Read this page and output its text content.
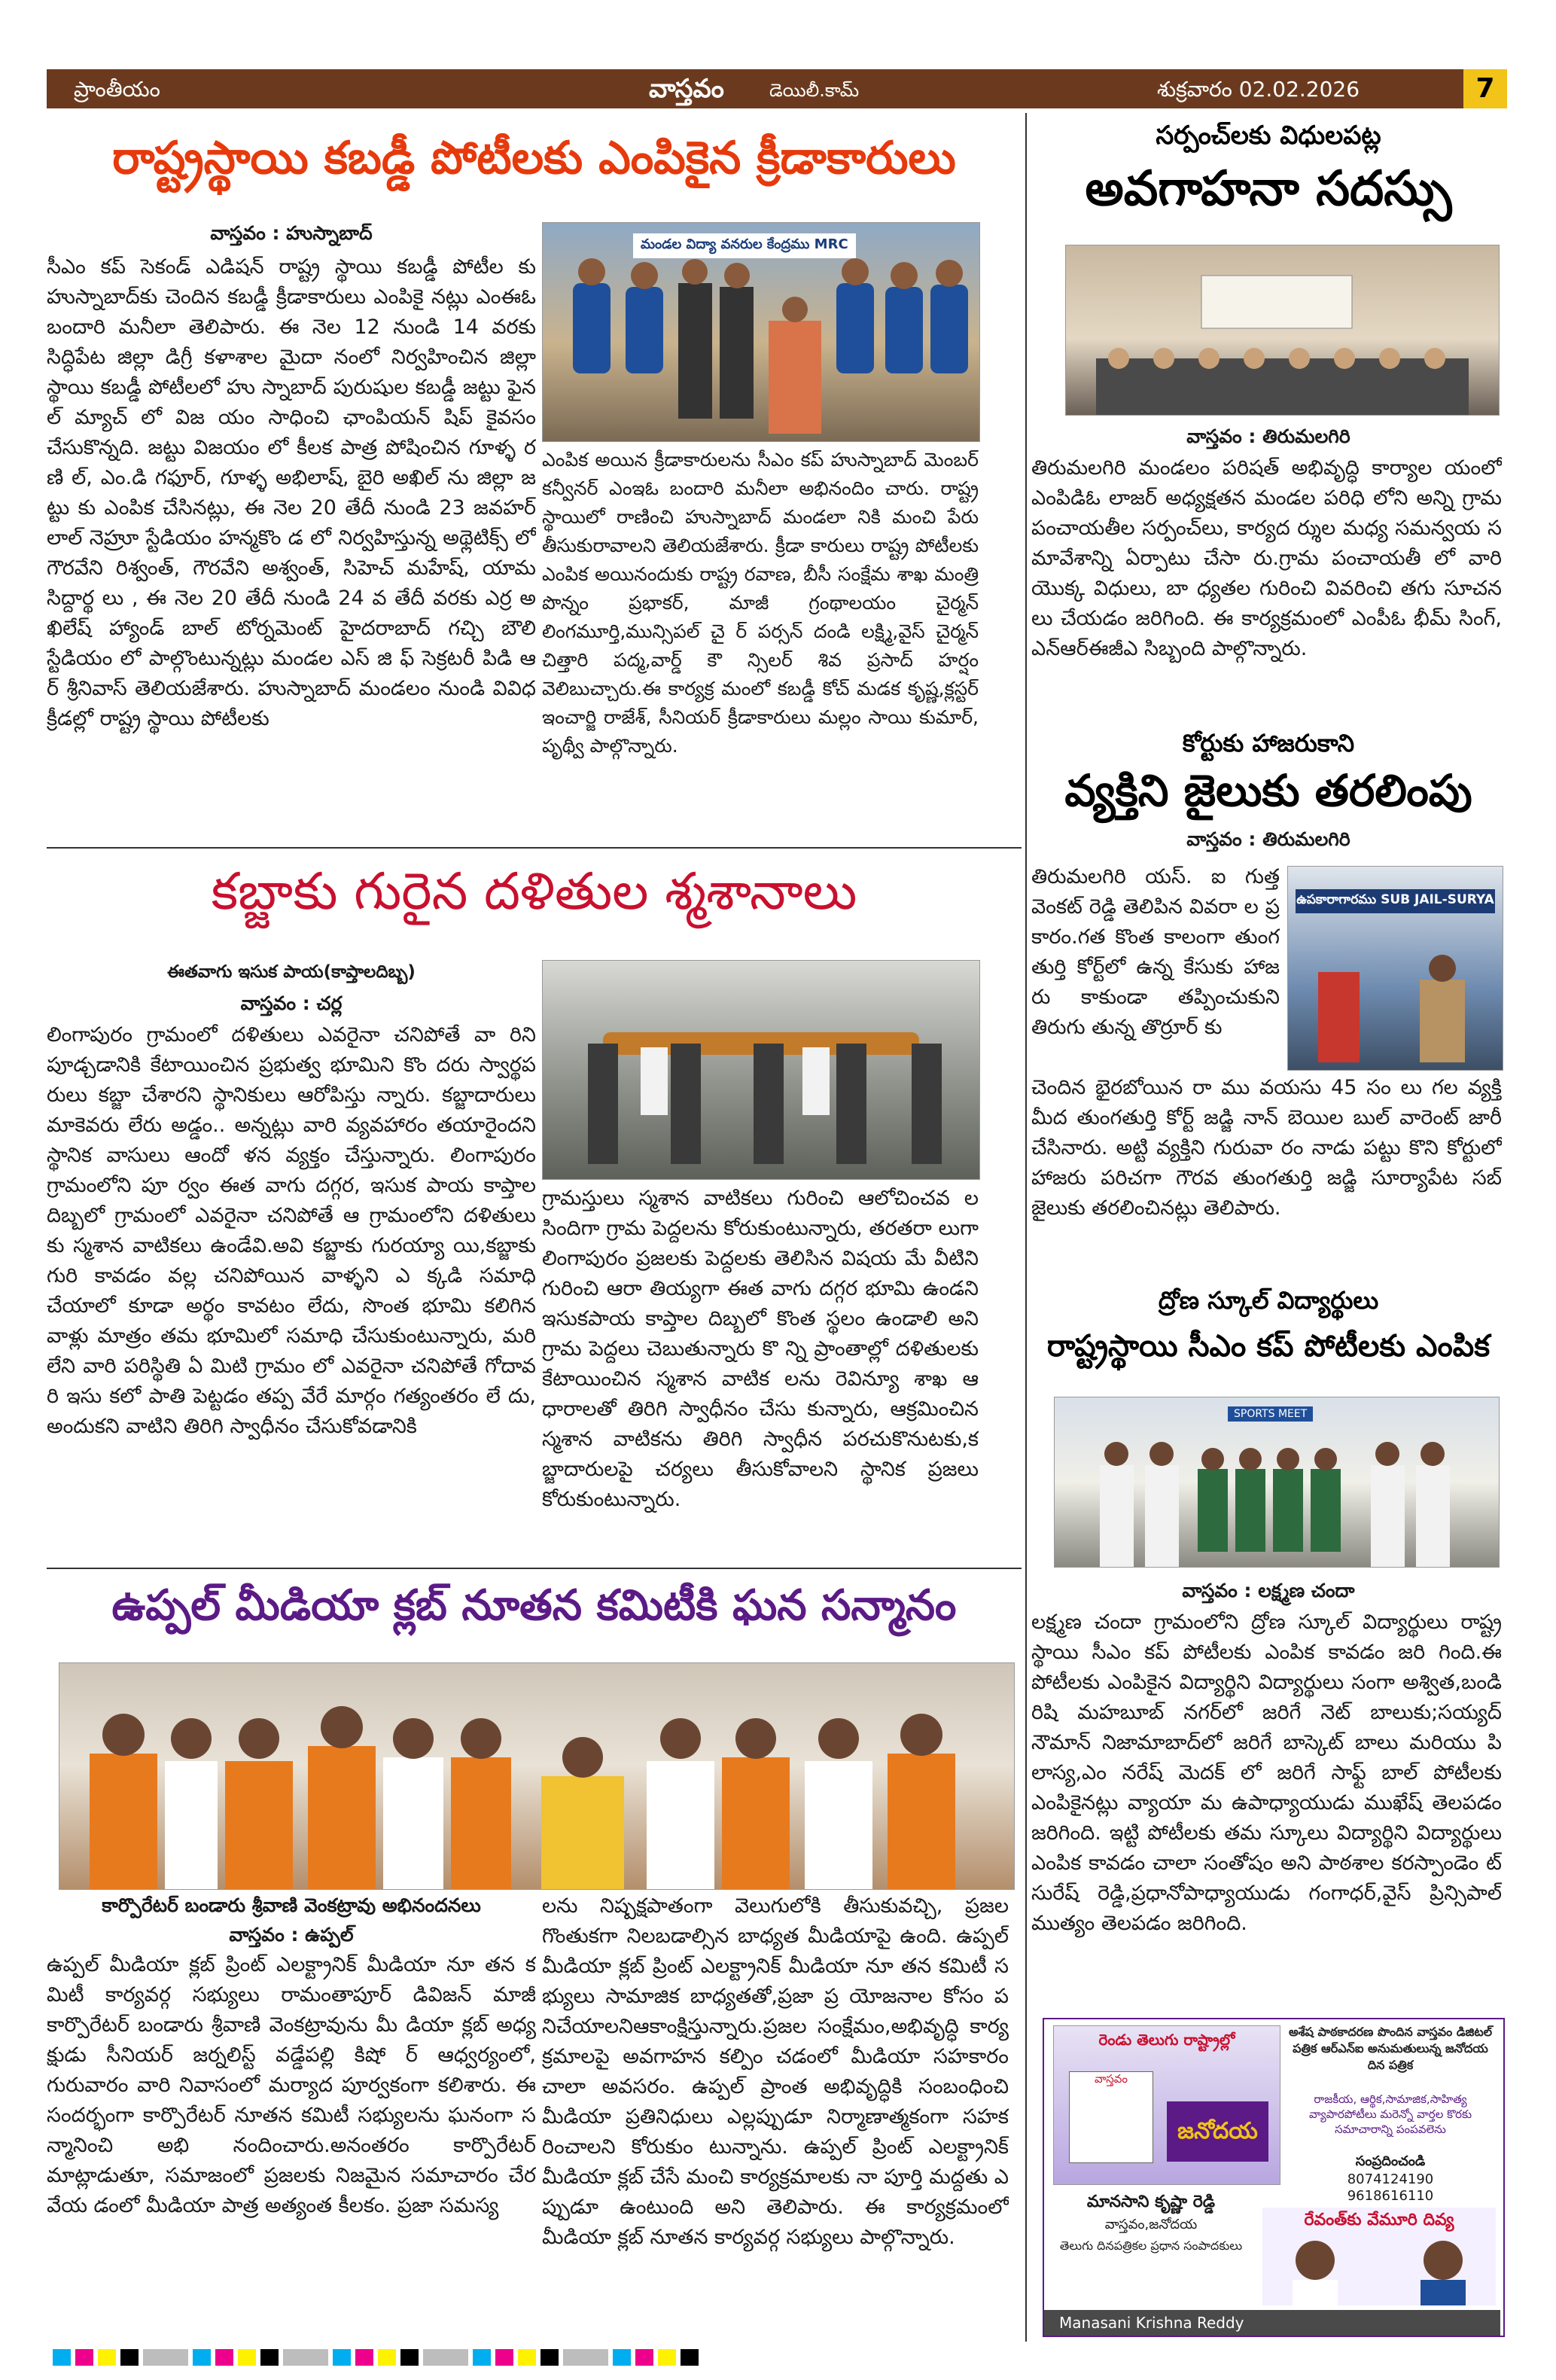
ప్రాంతీయం	వాస్తవం	డెయిలీ.కామ్	శుక్రవారం 02.02.2026	7
రాష్ట్రస్థాయి కబడ్డీ పోటీలకు ఎంపికైన క్రీడాకారులు
వాస్తవం : హుస్నాబాద్
సీఎం కప్ సెకండ్ ఎడిషన్ రాష్ట్ర స్థాయి కబడ్డీ పోటీల కు హుస్నాబాద్‌కు చెందిన కబడ్డీ క్రీడాకారులు ఎంపికై నట్లు ఎంఈఓ బందారి మనీలా తెలిపారు. ఈ నెల 12 నుండి 14 వరకు సిద్ధిపేట జిల్లా డిగ్రీ కళాశాల మైదా నంలో నిర్వహించిన జిల్లా స్థాయి కబడ్డీ పోటీలలో హు స్నాబాద్ పురుషుల కబడ్డీ జట్టు ఫైనల్ మ్యాచ్ లో విజ యం సాధించి ఛాంపియన్ షిప్ కైవసం చేసుకొన్నది. జట్టు విజయం లో కీలక పాత్ర పోషించిన గూళ్ళ రణి ల్, ఎం.డి గఫూర్, గూళ్ళ అభిలాష్, బైరి అఖిల్ ను జిల్లా జట్టు కు ఎంపిక చేసినట్లు, ఈ నెల 20 తేదీ నుండి 23 జవహర్ లాల్ నెహ్రూ స్టేడియం హన్మకొం డ లో నిర్వహిస్తున్న అథ్లెటిక్స్ లో గౌరవేని రిశ్వంత్, గౌరవేని అశ్వంత్, సిహెచ్ మహేష్, యామ సిద్దార్థ లు , ఈ నెల 20 తేదీ నుండి 24 వ తేదీ వరకు ఎర్ర అఖిలేష్ హ్యాండ్ బాల్ టోర్నమెంట్ హైదరాబాద్ గచ్చి బౌలి స్టేడియం లో పాల్గొంటున్నట్లు మండల ఎస్ జి ఫ్ సెక్రటరీ పిడి ఆర్ శ్రీనివాస్ తెలియజేశారు. హుస్నాబాద్ మండలం నుండి వివిధ క్రీడల్లో రాష్ట్ర స్థాయి పోటీలకు
మండల విద్యా వనరుల కేంద్రము MRC
ఎంపిక అయిన క్రీడాకారులను సీఎం కప్ హుస్నాబాద్ మెంబర్ కన్వీనర్ ఎంఇఓ బందారి మనీలా అభినందిం చారు. రాష్ట్ర స్థాయిలో రాణించి హుస్నాబాద్ మండలా నికి మంచి పేరు తీసుకురావాలని తెలియజేశారు. క్రీడా కారులు రాష్ట్ర పోటీలకు ఎంపిక అయినందుకు రాష్ట్ర రవాణ, బీసీ సంక్షేమ శాఖ మంత్రి పొన్నం ప్రభాకర్, మాజీ గ్రంథాలయం చైర్మన్ లింగమూర్తి,మున్సిపల్ చై ర్ పర్సన్ దండి లక్ష్మి,వైస్ చైర్మన్ చిత్తారి పద్మ,వార్డ్ కౌ న్సిలర్ శివ ప్రసాద్ హర్షం వెలిబుచ్చారు.ఈ కార్యక్ర మంలో కబడ్డీ కోచ్ మడక కృష్ణ,క్లస్టర్ ఇంచార్జి రాజేశ్, సీనియర్ క్రీడాకారులు మల్లం సాయి కుమార్, పృథ్వీ పాల్గొన్నారు.
కబ్జాకు గురైన దళితుల శ్మశానాలు
ఈతవాగు ఇసుక పాయ(కాప్తాలదిబ్బ)
వాస్తవం : చర్ల
లింగాపురం గ్రామంలో దళితులు ఎవరైనా చనిపోతే వా రిని పూడ్చడానికి కేటాయించిన ప్రభుత్వ భూమిని కొం దరు స్వార్థపరులు కబ్జా చేశారని స్థానికులు ఆరోపిస్తు న్నారు. కబ్జాదారులు మాకెవరు లేరు అడ్డం.. అన్నట్లు వారి వ్యవహారం తయారైందని స్థానిక వాసులు ఆందో ళన వ్యక్తం చేస్తున్నారు. లింగాపురం గ్రామంలోని పూ ర్వం ఈత వాగు దగ్గర, ఇసుక పాయ కాప్తాల దిబ్బలో గ్రామంలో ఎవరైనా చనిపోతే ఆ గ్రామంలోని దళితులు కు స్మశాన వాటికలు ఉండేవి.అవి కబ్జాకు గురయ్యా యి,కబ్జాకు గురి కావడం వల్ల చనిపోయిన వాళ్ళని ఎ క్కడి సమాధి చేయాలో కూడా అర్థం కావటం లేదు, సొంత భూమి కలిగిన వాళ్లు మాత్రం తమ భూమిలో సమాధి చేసుకుంటున్నారు, మరి లేని వారి పరిస్థితి ఏ మిటి గ్రామం లో ఎవరైనా చనిపోతే గోదావరి ఇసు కలో పాతి పెట్టడం తప్ప వేరే మార్గం గత్యంతరం లే దు,అందుకని వాటిని తిరిగి స్వాధీనం చేసుకోవడానికి
గ్రామస్తులు స్మశాన వాటికలు గురించి ఆలోచించవ లసిందిగా గ్రామ పెద్దలను కోరుకుంటున్నారు, తరతరా లుగా లింగాపురం ప్రజలకు పెద్దలకు తెలిసిన విషయ మే వీటిని గురించి ఆరా తియ్యగా ఈత వాగు దగ్గర భూమి ఉండని ఇసుకపాయ కాప్తాల దిబ్బలో కొంత స్థలం ఉండాలి అని గ్రామ పెద్దలు చెబుతున్నారు కొ న్ని ప్రాంతాల్లో దళితులకు కేటాయించిన స్మశాన వాటిక లను రెవిన్యూ శాఖ ఆధారాలతో తిరిగి స్వాధీనం చేసు కున్నారు, ఆక్రమించిన స్మశాన వాటికను తిరిగి స్వాధీన పరచుకొనుటకు,కబ్జాదారులపై చర్యలు తీసుకోవాలని స్థానిక ప్రజలు కోరుకుంటున్నారు.
ఉప్పల్ మీడియా క్లబ్ నూతన కమిటీకి ఘన సన్మానం
కార్పొరేటర్ బండారు శ్రీవాణి వెంకట్రావు అభినందనలు
వాస్తవం : ఉప్పల్
ఉప్పల్ మీడియా క్లబ్ ప్రింట్ ఎలక్ట్రానిక్ మీడియా నూ తన కమిటీ కార్యవర్గ సభ్యులు రామంతాపూర్ డివిజన్ మాజీ కార్పొరేటర్ బండారు శ్రీవాణి వెంకట్రావును మీ డియా క్లబ్ అధ్యక్షుడు సీనియర్ జర్నలిస్ట్ వడ్డేపల్లి కిషో ర్ ఆధ్వర్యంలో, గురువారం వారి నివాసంలో మర్యాద పూర్వకంగా కలిశారు. ఈ సందర్భంగా కార్పొరేటర్ నూతన కమిటీ సభ్యులను ఘనంగా సన్మానించి అభి నందించారు.అనంతరం కార్పొరేటర్ మాట్లాడుతూ, సమాజంలో ప్రజలకు నిజమైన సమాచారం చేరవేయ డంలో మీడియా పాత్ర అత్యంత కీలకం. ప్రజా సమస్య
లను నిష్పక్షపాతంగా వెలుగులోకి తీసుకువచ్చి, ప్రజల గొంతుకగా నిలబడాల్సిన బాధ్యత మీడియాపై ఉంది. ఉప్పల్ మీడియా క్లబ్ ప్రింట్ ఎలక్ట్రానిక్ మీడియా నూ తన కమిటీ సభ్యులు సామాజిక బాధ్యతతో,ప్రజా ప్ర యోజనాల కోసం పనిచేయాలనిఆకాంక్షిస్తున్నారు.ప్రజల సంక్షేమం,అభివృద్ధి కార్యక్రమాలపై అవగాహన కల్పిం చడంలో మీడియా సహకారం చాలా అవసరం. ఉప్పల్ ప్రాంత అభివృద్ధికి సంబంధించి మీడియా ప్రతినిధులు ఎల్లప్పుడూ నిర్మాణాత్మకంగా సహకరించాలని కోరుకుం టున్నాను. ఉప్పల్ ప్రింట్ ఎలక్ట్రానిక్ మీడియా క్లబ్ చేసే మంచి కార్యక్రమాలకు నా పూర్తి మద్దతు ఎప్పుడూ ఉంటుంది అని తెలిపారు. ఈ కార్యక్రమంలో మీడియా క్లబ్ నూతన కార్యవర్గ సభ్యులు పాల్గొన్నారు.
సర్పంచ్‌లకు విధులపట్ల
అవగాహనా సదస్సు
వాస్తవం : తిరుమలగిరి
తిరుమలగిరి మండలం పరిషత్ అభివృద్ధి కార్యాల యంలో ఎంపిడిఓ లాజర్ అధ్యక్షతన మండల పరిధి లోని అన్ని గ్రామ పంచాయతీల సర్పంచ్‌లు, కార్యద ర్శుల మధ్య సమన్వయ సమావేశాన్ని ఏర్పాటు చేసా రు.గ్రామ పంచాయతీ లో వారి యొక్క విధులు, బా ధ్యతల గురించి వివరించి తగు సూచనలు చేయడం జరిగింది. ఈ కార్యక్రమంలో ఎంపీఓ భీమ్ సింగ్, ఎన్ఆర్ఈజీఎ సిబ్బంది పాల్గొన్నారు.
కోర్టుకు హాజరుకాని
వ్యక్తిని జైలుకు తరలింపు
వాస్తవం : తిరుమలగిరి
ఉపకారాగారము SUB JAIL-SURYA
తిరుమలగిరి యస్. ఐ గుత్త వెంకట్ రెడ్డి తెలిపిన వివరా ల ప్రకారం.గత కొంత కాలంగా తుంగతుర్తి కోర్ట్‌లో ఉన్న కేసుకు హాజ రు కాకుండా తప్పించుకుని తిరుగు తున్న తొర్రూర్ కు
చెందిన భైరబోయిన రా ము వయసు 45 సం లు గల వ్యక్తి మీద తుంగతుర్తి కోర్ట్ జడ్జి నాన్ బెయిల బుల్ వారెంట్ జారీ చేసినారు. అట్టి వ్యక్తిని గురువా రం నాడు పట్టు కొని కోర్టులో హాజరు పరిచగా గౌరవ తుంగతుర్తి జడ్జి సూర్యాపేట సబ్ జైలుకు తరలించినట్లు తెలిపారు.
ద్రోణ స్కూల్ విద్యార్థులు
రాష్ట్రస్థాయి సీఎం కప్ పోటీలకు ఎంపిక
SPORTS MEET
వాస్తవం : లక్ష్మణ చందా
లక్ష్మణ చందా గ్రామంలోని ద్రోణ స్కూల్ విద్యార్థులు రాష్ట్రస్థాయి సీఎం కప్ పోటీలకు ఎంపిక కావడం జరి గింది.ఈ పోటీలకు ఎంపికైన విద్యార్థిని విద్యార్థులు సంగా అశ్విత,బండి రిషి మహబూబ్ నగర్‌లో జరిగే నెట్ బాలుకు;సయ్యద్ నౌమాన్ నిజామాబాద్‌లో జరిగే బాస్కెట్ బాలు మరియు పి లాస్య,ఎం నరేష్ మెదక్ లో జరిగే సాఫ్ట్ బాల్ పోటీలకు ఎంపికైనట్లు వ్యాయా మ ఉపాధ్యాయుడు ముఖేష్ తెలపడం జరిగింది. ఇట్టి పోటీలకు తమ స్కూలు విద్యార్థిని విద్యార్థులు ఎంపిక కావడం చాలా సంతోషం అని పాఠశాల కరస్పాండెం ట్ సురేష్ రెడ్డి,ప్రధానోపాధ్యాయుడు గంగాధర్,వైస్ ప్రిన్సిపాల్ ముత్యం తెలపడం జరిగింది.
రెండు తెలుగు రాష్ట్రాల్లో
వాస్తవం
జనోదయ
అశేష పాఠకాదరణ పొందిన వాస్తవం డిజిటల్ పత్రిక ఆర్ఎన్ఐ అనుమతులున్న జనోదయ దిన పత్రిక
రాజకీయ, ఆర్థిక,సామాజిక,సాహిత్య వ్యాపారపోటీలు మరెన్నో వార్తల కొరకు సమాచారాన్ని పంపవలెను
సంప్రదించండి
8074124190
9618616110
మానసాని కృష్ణా రెడ్డి
వాస్తవం,జనోదయ
తెలుగు దినపత్రికల ప్రధాన సంపాదకులు
రేవంత్‌కు వేమూరి దివ్య
Manasani Krishna Reddy
